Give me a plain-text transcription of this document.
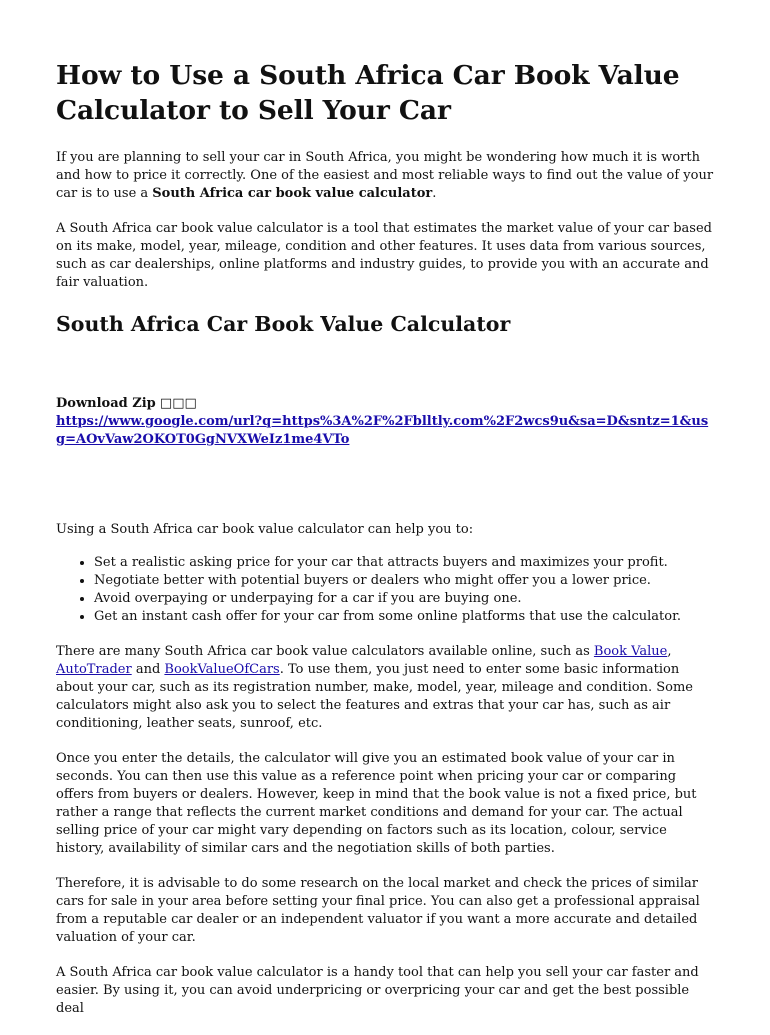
How to Use a South Africa Car Book Value Calculator to Sell Your Car

If you are planning to sell your car in South Africa, you might be wondering how much it is worth and how to price it correctly. One of the easiest and most reliable ways to find out the value of your car is to use a South Africa car book value calculator.

A South Africa car book value calculator is a tool that estimates the market value of your car based on its make, model, year, mileage, condition and other features. It uses data from various sources, such as car dealerships, online platforms and industry guides, to provide you with an accurate and fair valuation.

South Africa Car Book Value Calculator

Download Zip □□□
https://www.google.com/url?q=https%3A%2F%2Fblltly.com%2F2wcs9u&sa=D&sntz=1&usg=AOvVaw2OKOT0GgNVXWeIz1me4VTo

Using a South Africa car book value calculator can help you to:

• Set a realistic asking price for your car that attracts buyers and maximizes your profit.
• Negotiate better with potential buyers or dealers who might offer you a lower price.
• Avoid overpaying or underpaying for a car if you are buying one.
• Get an instant cash offer for your car from some online platforms that use the calculator.

There are many South Africa car book value calculators available online, such as Book Value, AutoTrader and BookValueOfCars. To use them, you just need to enter some basic information about your car, such as its registration number, make, model, year, mileage and condition. Some calculators might also ask you to select the features and extras that your car has, such as air conditioning, leather seats, sunroof, etc.

Once you enter the details, the calculator will give you an estimated book value of your car in seconds. You can then use this value as a reference point when pricing your car or comparing offers from buyers or dealers. However, keep in mind that the book value is not a fixed price, but rather a range that reflects the current market conditions and demand for your car. The actual selling price of your car might vary depending on factors such as its location, colour, service history, availability of similar cars and the negotiation skills of both parties.

Therefore, it is advisable to do some research on the local market and check the prices of similar cars for sale in your area before setting your final price. You can also get a professional appraisal from a reputable car dealer or an independent valuator if you want a more accurate and detailed valuation of your car.

A South Africa car book value calculator is a handy tool that can help you sell your car faster and easier. By using it, you can avoid underpricing or overpricing your car and get the best possible deal
